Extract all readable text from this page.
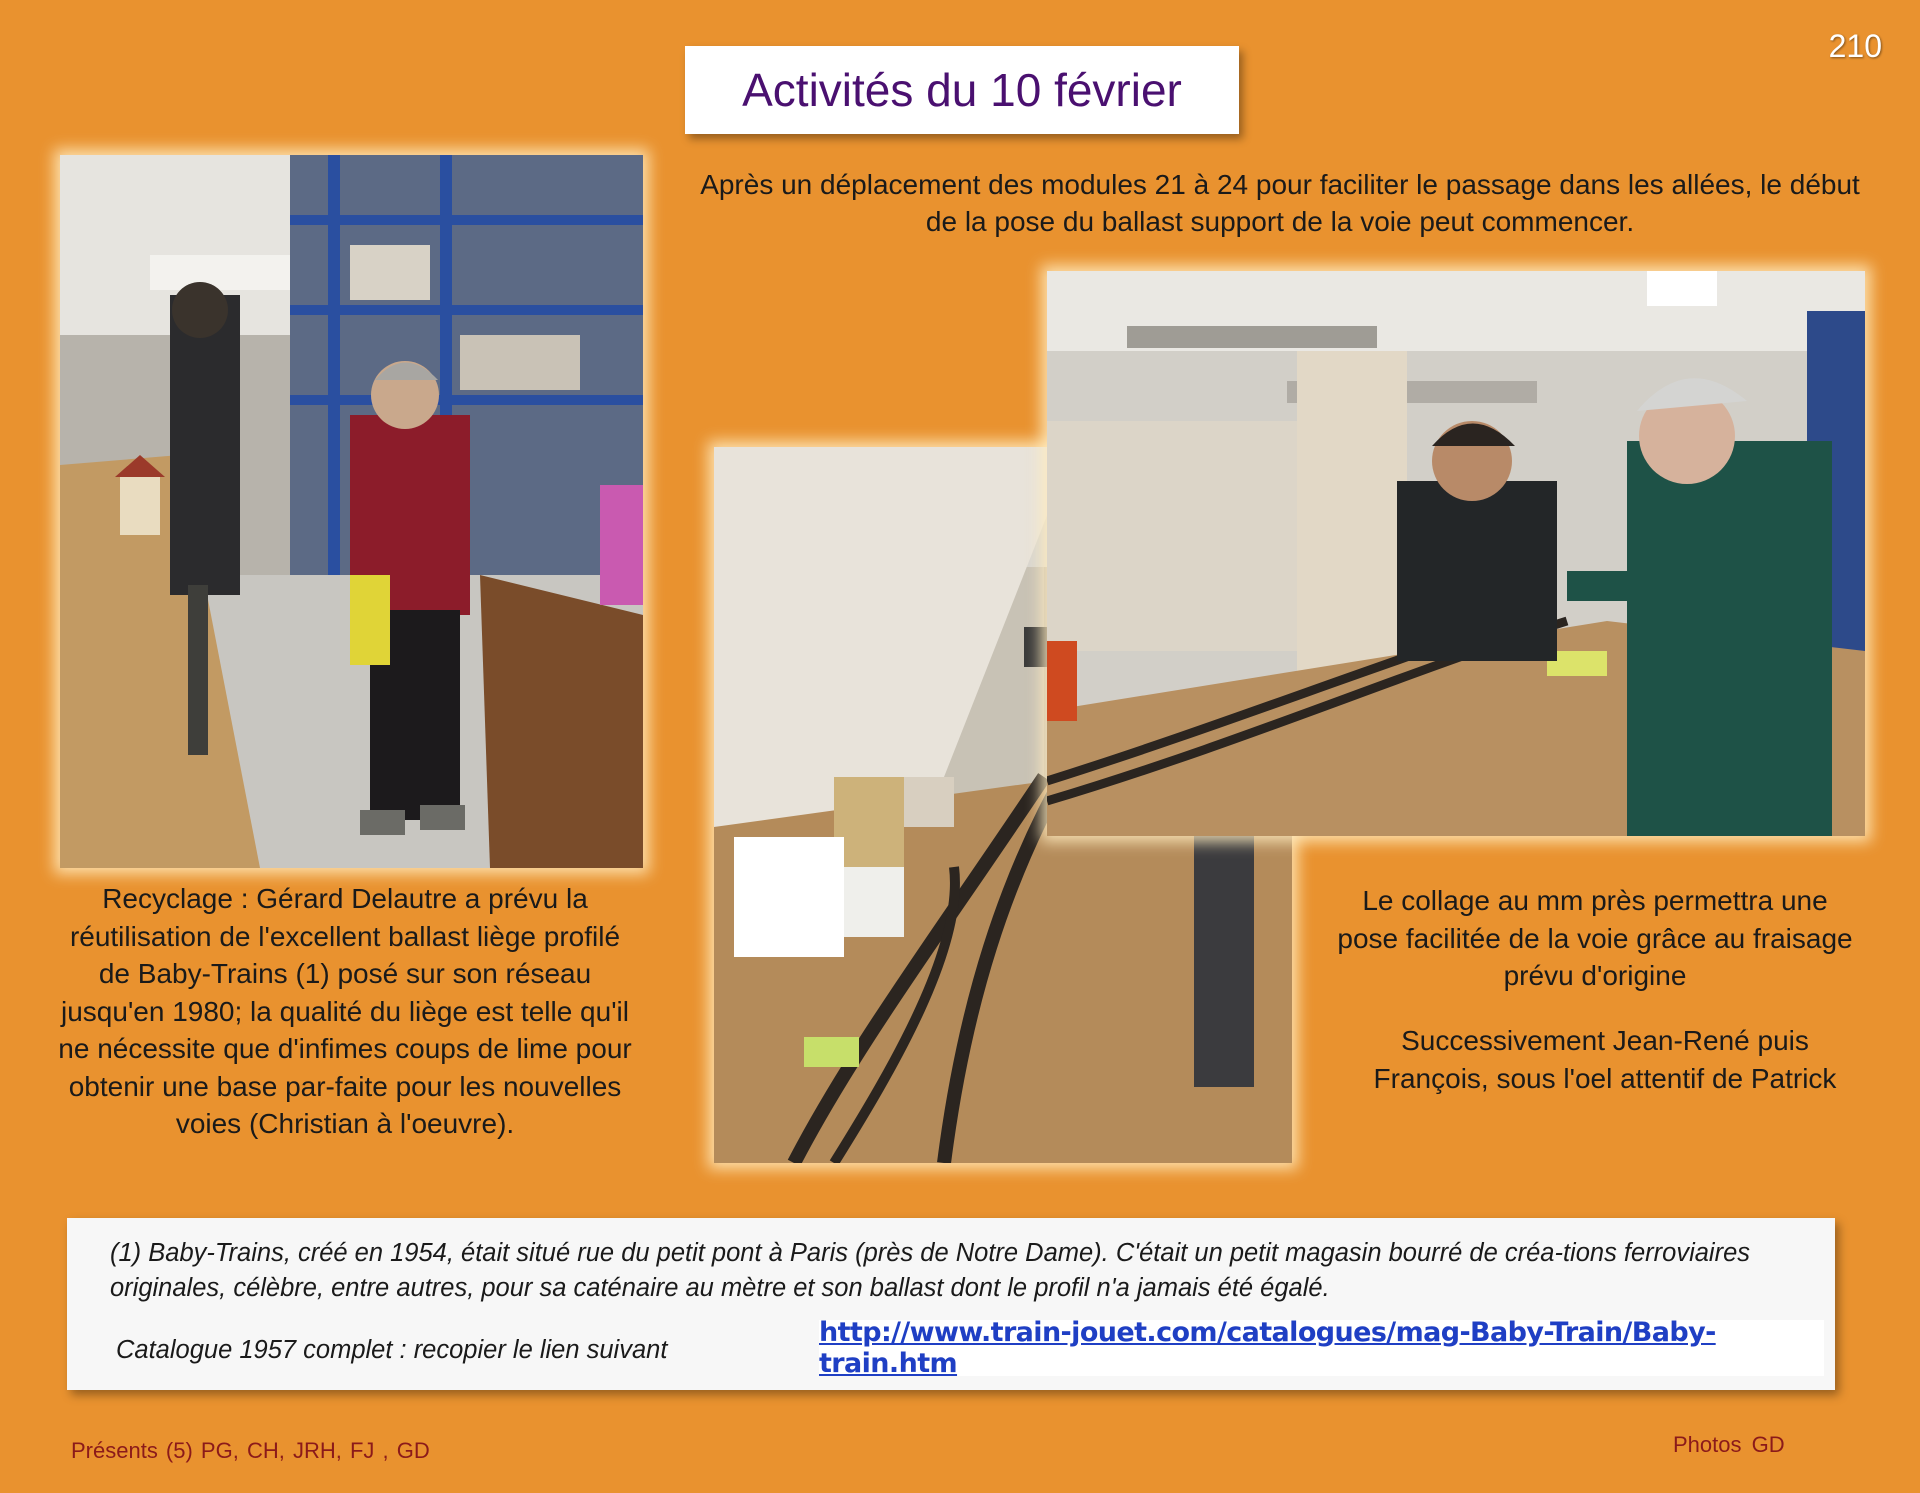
210
Activités du 10 février
Après un déplacement des modules 21 à 24 pour faciliter le passage dans les allées, le début de la pose du ballast support de la voie peut commencer.
Recyclage : Gérard Delautre a prévu la réutilisation de l'excellent ballast liège profilé de Baby-Trains (1) posé sur son réseau jusqu'en 1980; la qualité du liège est telle qu'il ne nécessite que d'infimes coups de lime pour obtenir une base par-faite pour les nouvelles voies (Christian à l'oeuvre).
Le collage au mm près permettra une pose facilitée de la voie grâce au fraisage prévu d'origine
Successivement Jean-René puis François, sous l'oel attentif de Patrick
(1) Baby-Trains, créé en 1954, était situé rue du petit pont à Paris (près de Notre Dame). C'était un petit magasin bourré de créa-tions ferroviaires originales, célèbre, entre autres, pour sa caténaire au mètre et son ballast dont le profil n'a jamais été égalé.
Catalogue 1957 complet : recopier le lien suivant
http://www.train-jouet.com/catalogues/mag-Baby-Train/Baby-train.htm
Présents (5) PG, CH, JRH, FJ , GD	Photos GD
